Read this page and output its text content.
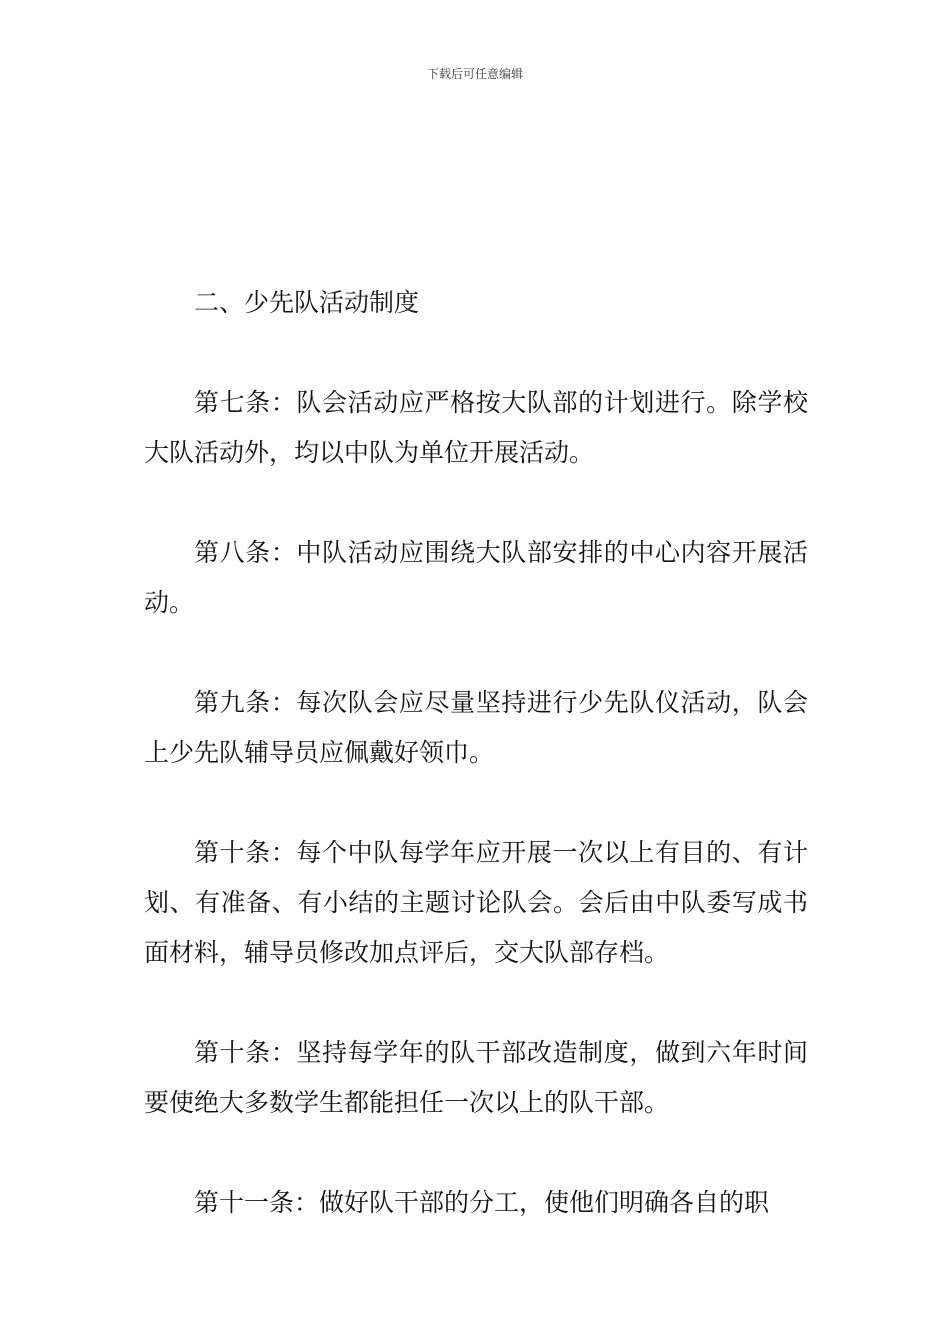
下载后可任意编辑

二、少先队活动制度

第七条：队会活动应严格按大队部的计划进行。除学校大队活动外，均以中队为单位开展活动。

第八条：中队活动应围绕大队部安排的中心内容开展活动。

第九条：每次队会应尽量坚持进行少先队仪活动，队会上少先队辅导员应佩戴好领巾。

第十条：每个中队每学年应开展一次以上有目的、有计划、有准备、有小结的主题讨论队会。会后由中队委写成书面材料，辅导员修改加点评后，交大队部存档。

第十条：坚持每学年的队干部改造制度，做到六年时间要使绝大多数学生都能担任一次以上的队干部。

第十一条：做好队干部的分工，使他们明确各自的职
